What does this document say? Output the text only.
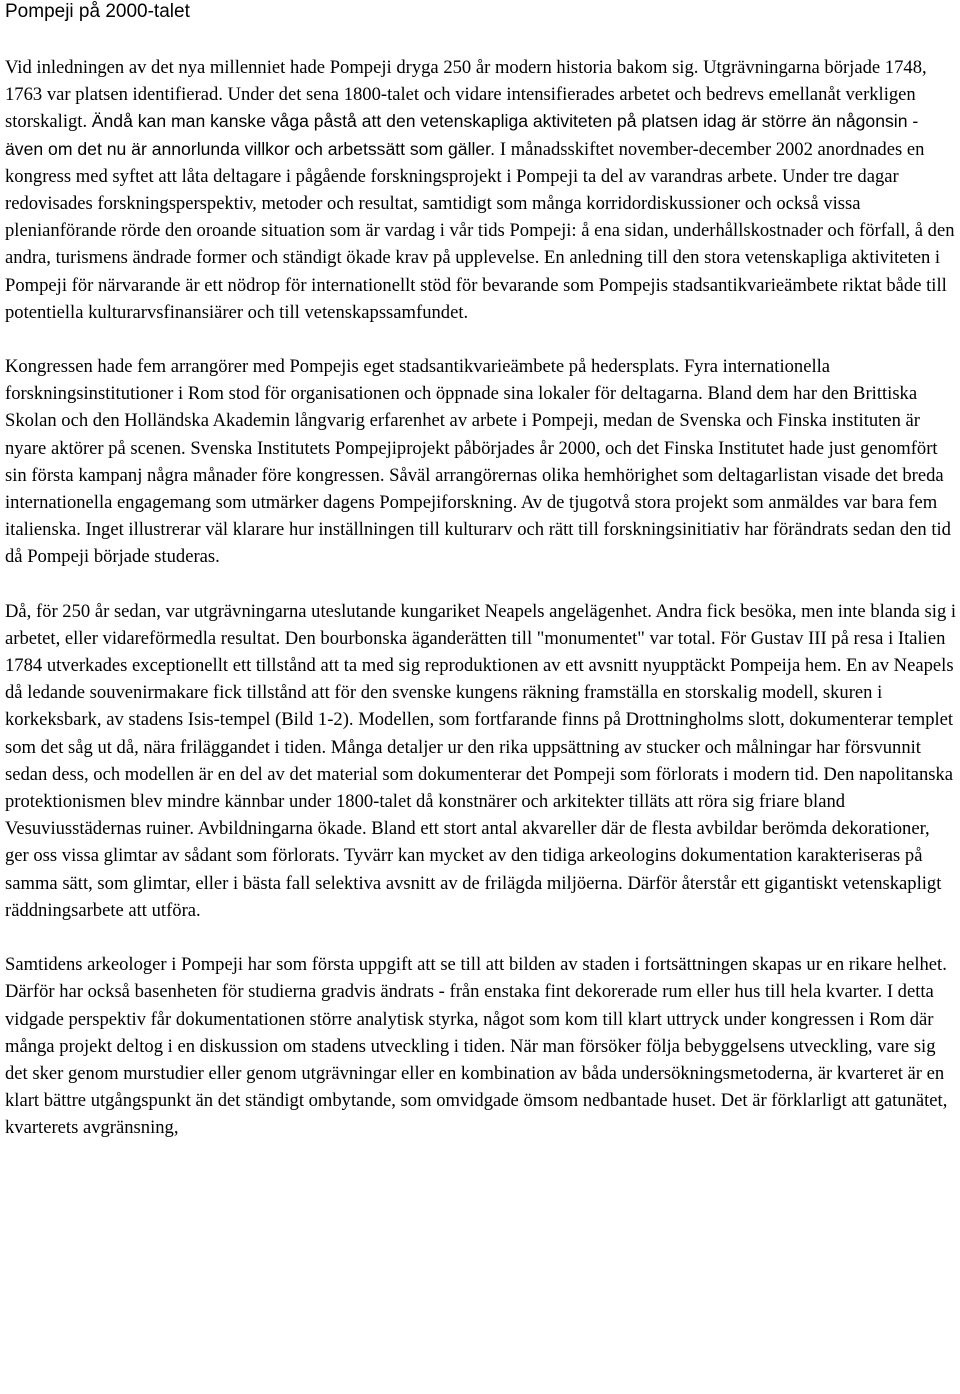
Pompeji på 2000-talet

Vid inledningen av det nya millenniet hade Pompeji dryga 250 år modern historia bakom sig. Utgrävningarna började 1748, 1763 var platsen identifierad. Under det sena 1800-talet och vidare intensifierades arbetet och bedrevs emellanåt verkligen storskaligt. Ändå kan man kanske våga påstå att den vetenskapliga aktiviteten på platsen idag är större än någonsin - även om det nu är annorlunda villkor och arbetssätt som gäller. I månadsskiftet november-december 2002 anordnades en kongress med syftet att låta deltagare i pågående forskningsprojekt i Pompeji ta del av varandras arbete. Under tre dagar redovisades forskningsperspektiv, metoder och resultat, samtidigt som många korridordiskussioner och också vissa plenianförande rörde den oroande situation som är vardag i vår tids Pompeji: å ena sidan, underhållskostnader och förfall, å den andra, turismens ändrade former och ständigt ökade krav på upplevelse. En anledning till den stora vetenskapliga aktiviteten i Pompeji för närvarande är ett nödrop för internationellt stöd för bevarande som Pompejis stadsantikvarieämbete riktat både till potentiella kulturarvsfinansiärer och till vetenskapssamfundet.

Kongressen hade fem arrangörer med Pompejis eget stadsantikvarieämbete på hedersplats. Fyra internationella forskningsinstitutioner i Rom stod för organisationen och öppnade sina lokaler för deltagarna. Bland dem har den Brittiska Skolan och den Holländska Akademin långvarig erfarenhet av arbete i Pompeji, medan de Svenska och Finska instituten är nyare aktörer på scenen. Svenska Institutets Pompejiprojekt påbörjades år 2000, och det Finska Institutet hade just genomfört sin första kampanj några månader före kongressen. Såväl arrangörernas olika hemhörighet som deltagarlistan visade det breda internationella engagemang som utmärker dagens Pompejiforskning. Av de tjugotvå stora projekt som anmäldes var bara fem italienska. Inget illustrerar väl klarare hur inställningen till kulturarv och rätt till forskningsinitiativ har förändrats sedan den tid då Pompeji började studeras.

Då, för 250 år sedan, var utgrävningarna uteslutande kungariket Neapels angelägenhet. Andra fick besöka, men inte blanda sig i arbetet, eller vidareförmedla resultat. Den bourbonska äganderätten till "monumentet" var total. För Gustav III på resa i Italien 1784 utverkades exceptionellt ett tillstånd att ta med sig reproduktionen av ett avsnitt nyupptäckt Pompeija hem. En av Neapels då ledande souvenirmakare fick tillstånd att för den svenske kungens räkning framställa en storskalig modell, skuren i korkeksbark, av stadens Isis-tempel (Bild 1-2). Modellen, som fortfarande finns på Drottningholms slott, dokumenterar templet som det såg ut då, nära friläggandet i tiden. Många detaljer ur den rika uppsättning av stucker och målningar har försvunnit sedan dess, och modellen är en del av det material som dokumenterar det Pompeji som förlorats i modern tid. Den napolitanska protektionismen blev mindre kännbar under 1800-talet då konstnärer och arkitekter tilläts att röra sig friare bland Vesuviusstädernas ruiner. Avbildningarna ökade. Bland ett stort antal akvareller där de flesta avbildar berömda dekorationer, ger oss vissa glimtar av sådant som förlorats. Tyvärr kan mycket av den tidiga arkeologins dokumentation karakteriseras på samma sätt, som glimtar, eller i bästa fall selektiva avsnitt av de frilägda miljöerna. Därför återstår ett gigantiskt vetenskapligt räddningsarbete att utföra.

Samtidens arkeologer i Pompeji har som första uppgift att se till att bilden av staden i fortsättningen skapas ur en rikare helhet. Därför har också basenheten för studierna gradvis ändrats - från enstaka fint dekorerade rum eller hus till hela kvarter. I detta vidgade perspektiv får dokumentationen större analytisk styrka, något som kom till klart uttryck under kongressen i Rom där många projekt deltog i en diskussion om stadens utveckling i tiden. När man försöker följa bebyggelsens utveckling, vare sig det sker genom murstudier eller genom utgrävningar eller en kombination av båda undersökningsmetoderna, är kvarteret är en klart bättre utgångspunkt än det ständigt ombytande, som omvidgade ömsom nedbantade huset. Det är förklarligt att gatunätet, kvarterets avgränsning,
